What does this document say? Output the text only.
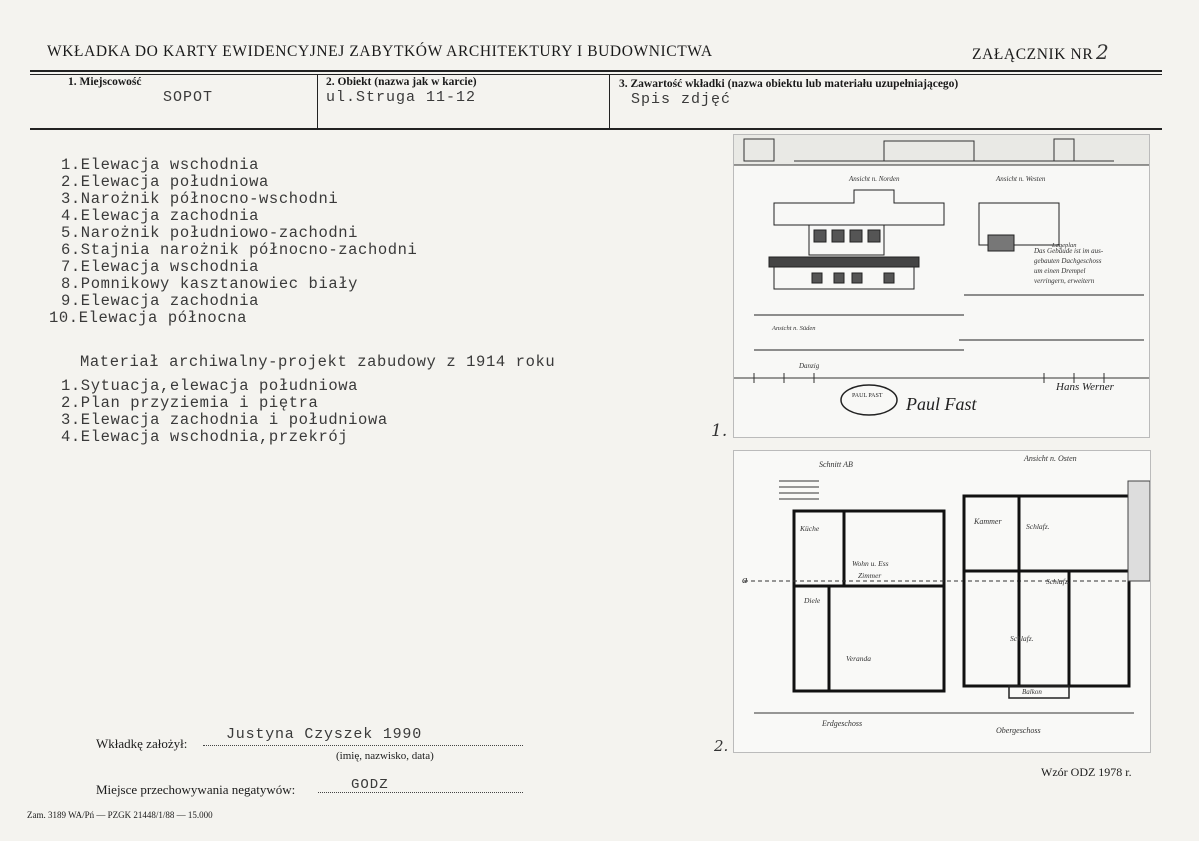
WKŁADKA DO KARTY EWIDENCYJNEJ ZABYTKÓW ARCHITEKTURY I BUDOWNICTWA	ZAŁĄCZNIK NR 2
1. Miejscowość
SOPOT
2. Obiekt (nazwa jak w karcie)
ul.Struga 11-12
3. Zawartość wkładki (nazwa obiektu lub materiału uzupełniającego)
Spis zdjęć
1.Elewacja wschodnia
2.Elewacja południowa
3.Narożnik północno-wschodni
4.Elewacja zachodnia
5.Narożnik południowo-zachodni
6.Stajnia narożnik północno-zachodni
7.Elewacja wschodnia
8.Pomnikowy kasztanowiec biały
9.Elewacja zachodnia
10.Elewacja północna
Materiał archiwalny-projekt zabudowy z 1914 roku
1.Sytuacja,elewacja południowa
2.Plan przyziemia i piętra
3.Elewacja zachodnia i południowa
4.Elewacja wschodnia,przekrój
Ansicht n. Norden	Ansicht n. Westen
Ansicht n. Süden
Lageplan
Das Gebäude ist im aus-
gebauten Dachgeschoss
um einen Drempel
verringern, erweitern
Danzig
PAUL PAST Paul Fast
Hans Werner
1.
Schnitt AB
Ansicht n. Osten
Küche
Wohn u. Ess
Zimmer
Diele
Veranda
Kammer
Schlafz.
Schlafz.
Schlafz.
Balkon
a
Erdgeschoss
Obergeschoss
2.
Wkładkę założył:
Justyna Czyszek 1990
(imię, nazwisko, data)
Miejsce przechowywania negatywów:	GODZ
Zam. 3189 WA/Pń — PZGK 21448/1/88 — 15.000
Wzór ODZ 1978 r.
